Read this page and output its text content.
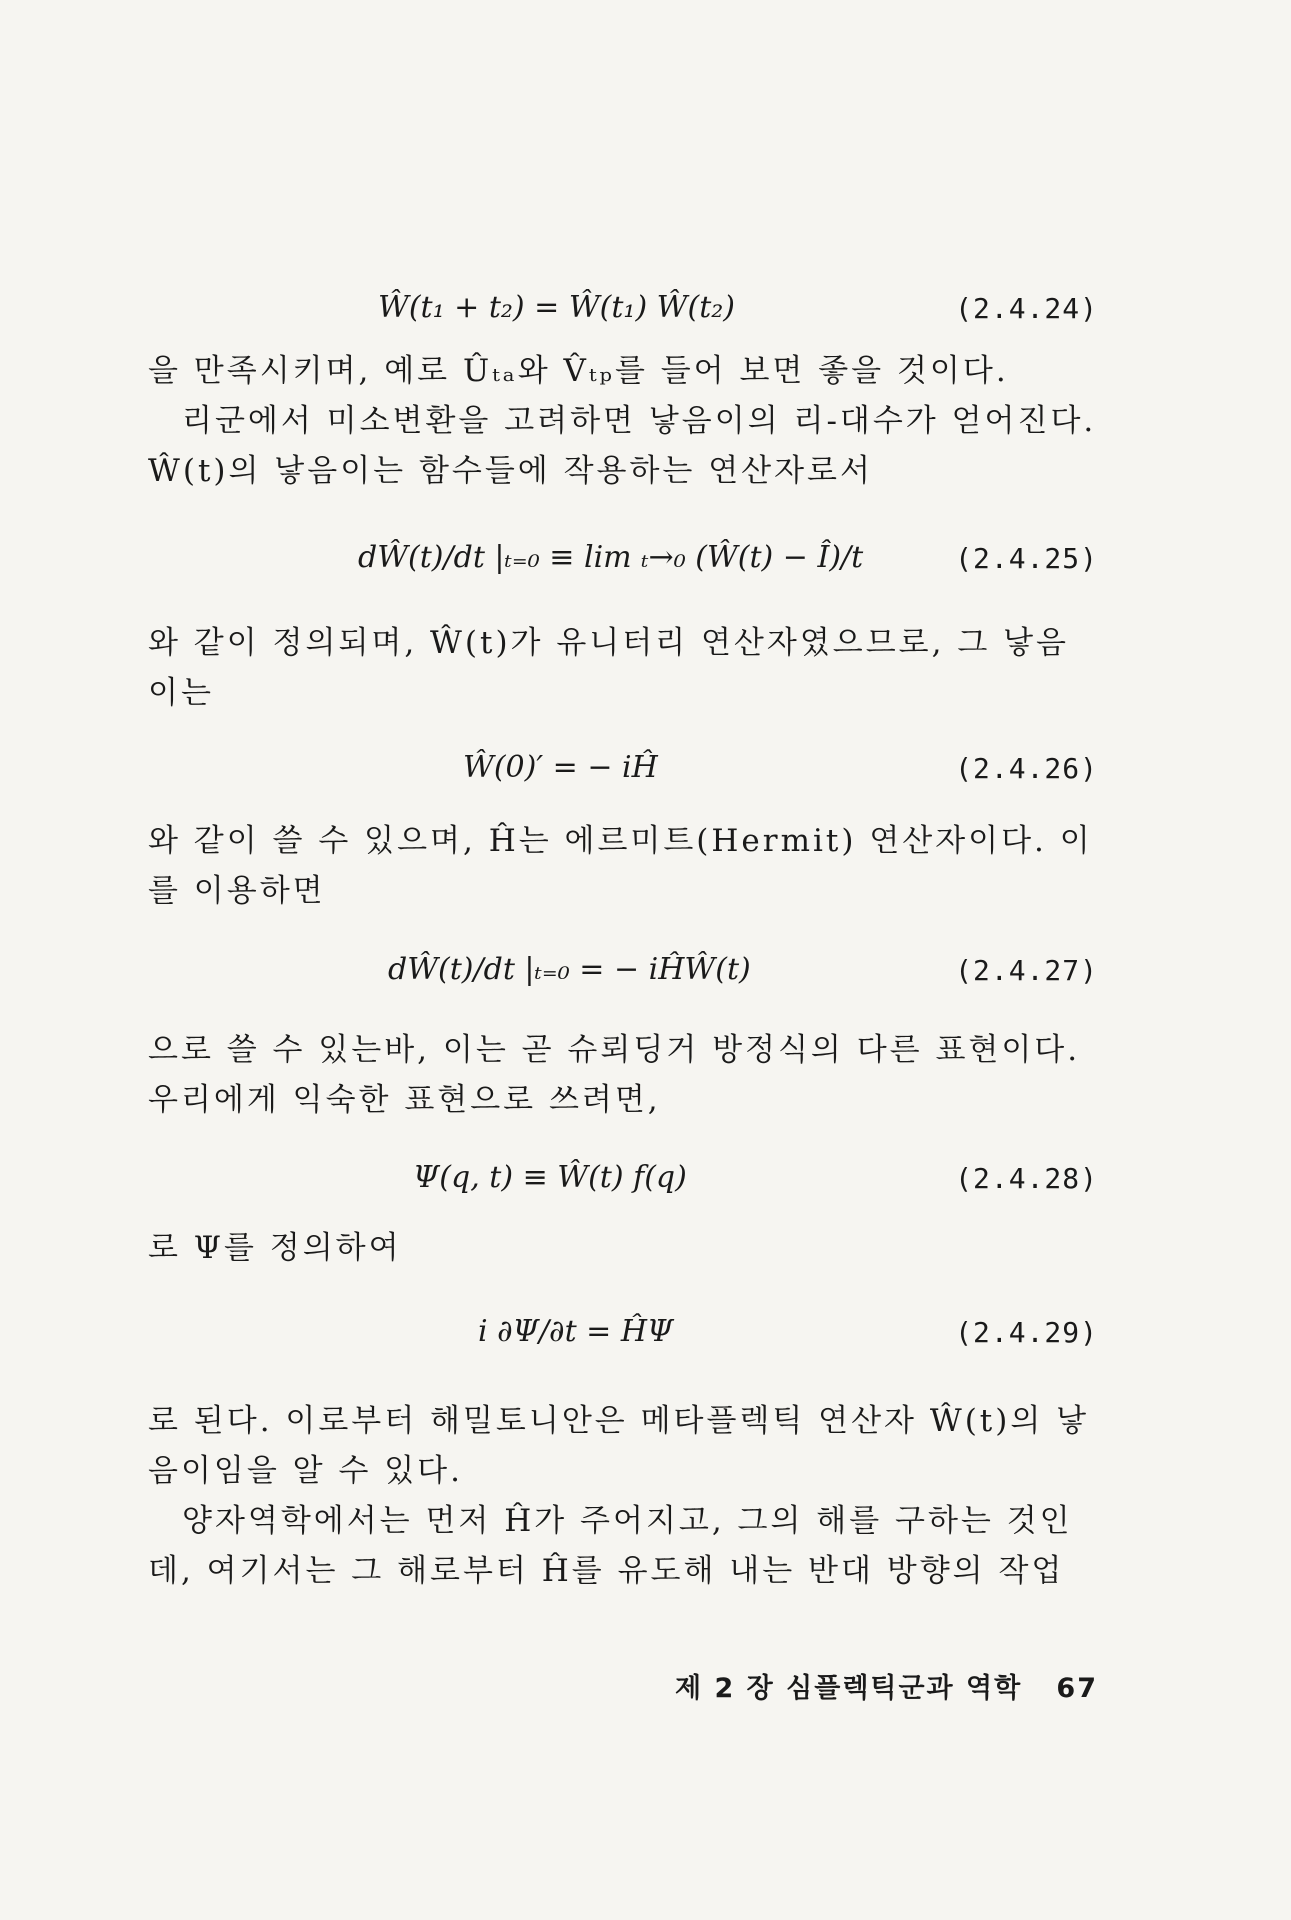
Ŵ(t₁ + t₂) = Ŵ(t₁) Ŵ(t₂)	(2.4.24)
을 만족시키며, 예로 Ûₜₐ와 V̂ₜₚ를 들어 보면 좋을 것이다.
　리군에서 미소변환을 고려하면 낳음이의 리-대수가 얻어진다.
Ŵ(t)의 낳음이는 함수들에 작용하는 연산자로서
dŴ(t)/dt |ₜ₌₀ ≡ lim ₜ→₀ (Ŵ(t) − Î)/t	(2.4.25)
와 같이 정의되며, Ŵ(t)가 유니터리 연산자였으므로, 그 낳음
이는
Ŵ(0)′ = − iĤ	(2.4.26)
와 같이 쓸 수 있으며, Ĥ는 에르미트(Hermit) 연산자이다. 이
를 이용하면
dŴ(t)/dt |ₜ₌₀ = − iĤŴ(t)	(2.4.27)
으로 쓸 수 있는바, 이는 곧 슈뢰딩거 방정식의 다른 표현이다.
우리에게 익숙한 표현으로 쓰려면,
Ψ(q, t) ≡ Ŵ(t) f(q)	(2.4.28)
로 Ψ를 정의하여
i ∂Ψ/∂t = ĤΨ	(2.4.29)
로 된다. 이로부터 해밀토니안은 메타플렉틱 연산자 Ŵ(t)의 낳
음이임을 알 수 있다.
　양자역학에서는 먼저 Ĥ가 주어지고, 그의 해를 구하는 것인
데, 여기서는 그 해로부터 Ĥ를 유도해 내는 반대 방향의 작업
제 2 장 심플렉틱군과 역학 67
